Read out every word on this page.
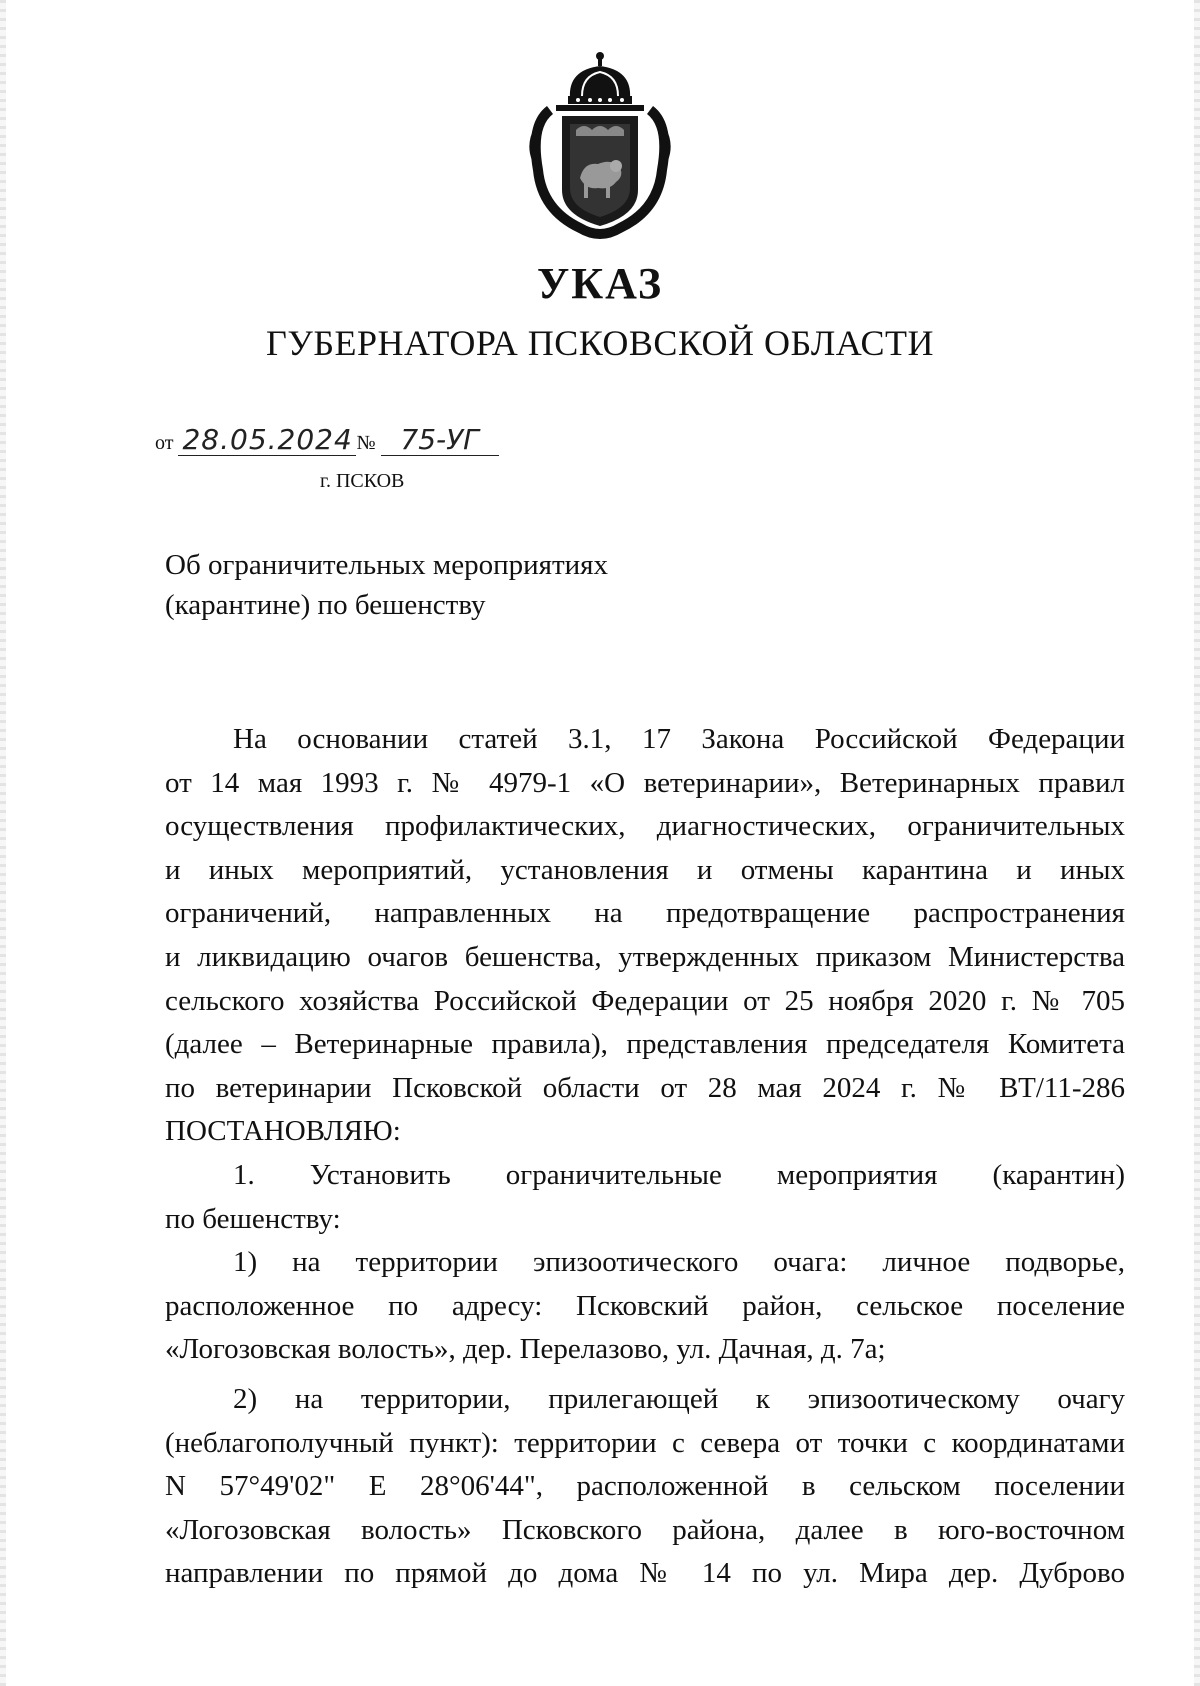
УКАЗ
ГУБЕРНАТОРА ПСКОВСКОЙ ОБЛАСТИ
от 28.05.2024 № 75-УГ
г. ПСКОВ
Об ограничительных мероприятиях
(карантине) по бешенству

На основании статей 3.1, 17 Закона Российской Федерации

от 14 мая 1993 г. № 4979-1 «О ветеринарии», Ветеринарных правил

осуществления профилактических, диагностических, ограничительных

и иных мероприятий, установления и отмены карантина и иных

ограничений, направленных на предотвращение распространения

и ликвидацию очагов бешенства, утвержденных приказом Министерства

сельского хозяйства Российской Федерации от 25 ноября 2020 г. № 705

(далее – Ветеринарные правила), представления председателя Комитета

по ветеринарии Псковской области от 28 мая 2024 г. № ВТ/11-286

ПОСТАНОВЛЯЮ:

1. Установить ограничительные мероприятия (карантин)

по бешенству:

1) на территории эпизоотического очага: личное подворье,

расположенное по адресу: Псковский район, сельское поселение

«Логозовская волость», дер. Перелазово, ул. Дачная, д. 7а;

2) на территории, прилегающей к эпизоотическому очагу

(неблагополучный пункт): территории с севера от точки с координатами

N 57°49'02" E 28°06'44", расположенной в сельском поселении

«Логозовская волость» Псковского района, далее в юго-восточном

направлении по прямой до дома № 14 по ул. Мира дер. Дуброво
